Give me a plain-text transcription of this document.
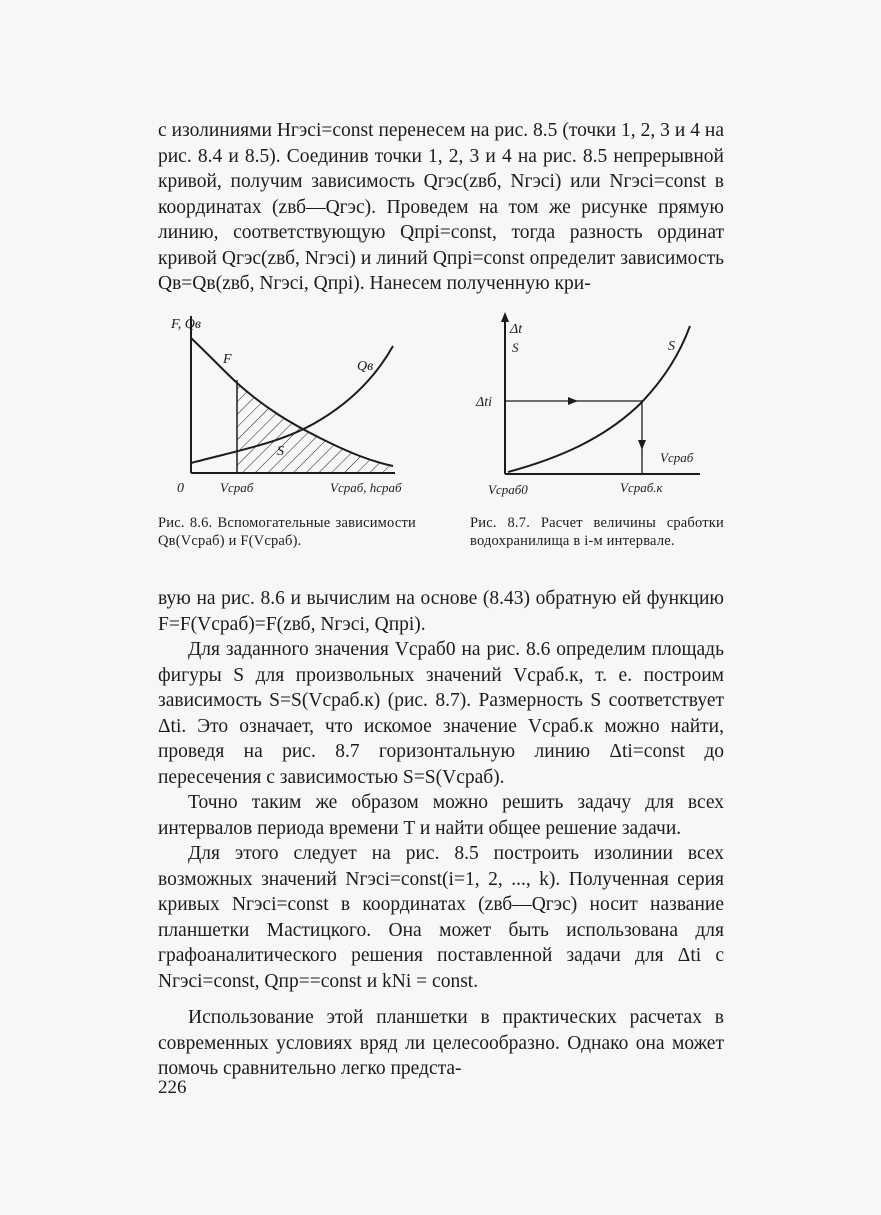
с изолиниями Hгэсi=const перенесем на рис. 8.5 (точки 1, 2, 3 и 4 на рис. 8.4 и 8.5). Соединив точки 1, 2, 3 и 4 на рис. 8.5 непрерывной кривой, получим зависимость Qгэс(zвб, Nгэсi) или Nгэсi=const в координатах (zвб—Qгэс). Проведем на том же рисунке прямую линию, соответствующую Qпрi=const, тогда разность ординат кривой Qгэс(zвб, Nгэсi) и линий Qпрi=const определит зависимость Qв=Qв(zвб, Nгэсi, Qпрi). Нанесем полученную кри-

F, Qв
F	Qв
S
0	Vсраб	Vсраб, hсраб
Δt
S	S
Δti
Vсраб
Vсраб0	Vсраб.к

Рис. 8.6. Вспомогательные зависимости Qв(Vсраб) и F(Vсраб).

Рис. 8.7. Расчет величины сработки водохранилища в i-м интервале.

вую на рис. 8.6 и вычислим на основе (8.43) обратную ей функцию F=F(Vсраб)=F(zвб, Nгэсi, Qпрi).

Для заданного значения Vсраб0 на рис. 8.6 определим площадь фигуры S для произвольных значений Vсраб.к, т. е. построим зависимость S=S(Vсраб.к) (рис. 8.7). Размерность S соответствует Δti. Это означает, что искомое значение Vсраб.к можно найти, проведя на рис. 8.7 горизонтальную линию Δti=const до пересечения с зависимостью S=S(Vсраб).

Точно таким же образом можно решить задачу для всех интервалов периода времени T и найти общее решение задачи.

Для этого следует на рис. 8.5 построить изолинии всех возможных значений Nгэсi=const(i=1, 2, ..., k). Полученная серия кривых Nгэсi=const в координатах (zвб—Qгэс) носит название планшетки Мастицкого. Она может быть использована для графоаналитического решения поставленной задачи для Δti с Nгэсi=const, Qпр==const и kNi = const.

Использование этой планшетки в практических расчетах в современных условиях вряд ли целесообразно. Однако она может помочь сравнительно легко предста-

226
